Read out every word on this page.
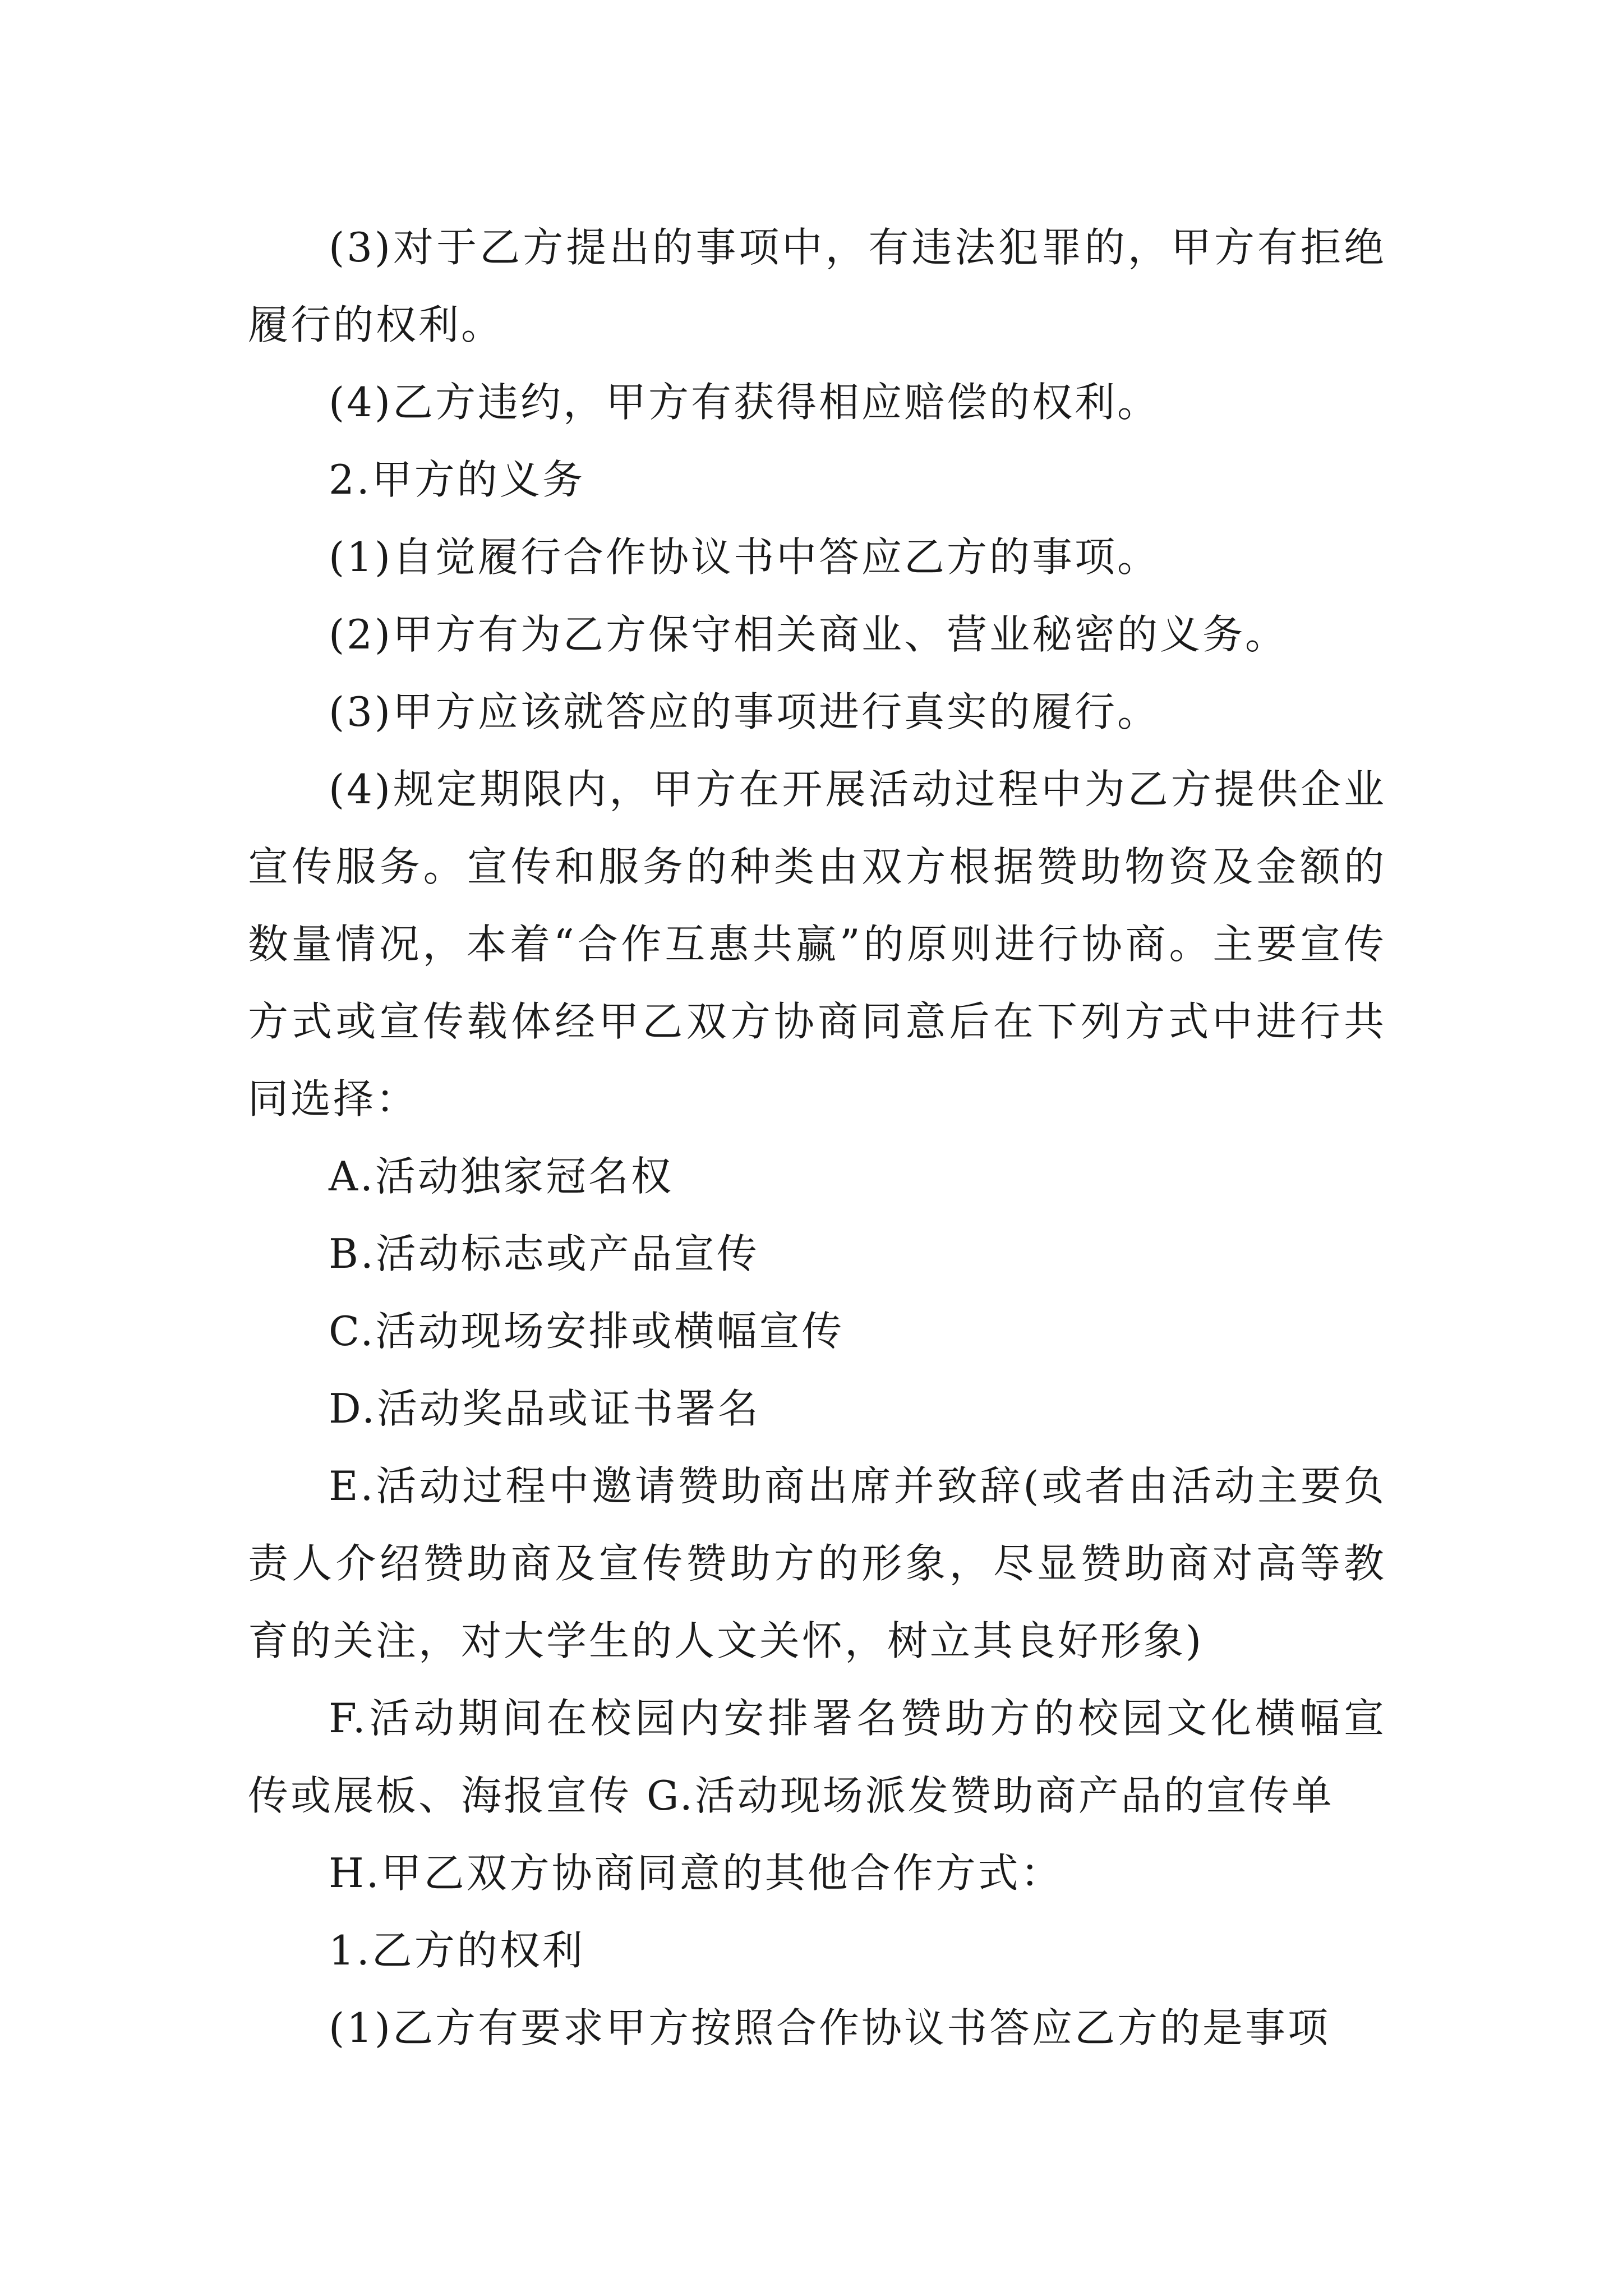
(3)对于乙方提出的事项中，有违法犯罪的，甲方有拒绝履行的权利。

(4)乙方违约，甲方有获得相应赔偿的权利。

2.甲方的义务

(1)自觉履行合作协议书中答应乙方的事项。

(2)甲方有为乙方保守相关商业、营业秘密的义务。

(3)甲方应该就答应的事项进行真实的履行。

(4)规定期限内，甲方在开展活动过程中为乙方提供企业宣传服务。宣传和服务的种类由双方根据赞助物资及金额的数量情况，本着“合作互惠共赢”的原则进行协商。主要宣传方式或宣传载体经甲乙双方协商同意后在下列方式中进行共同选择：

A.活动独家冠名权

B.活动标志或产品宣传

C.活动现场安排或横幅宣传

D.活动奖品或证书署名

E.活动过程中邀请赞助商出席并致辞(或者由活动主要负责人介绍赞助商及宣传赞助方的形象，尽显赞助商对高等教育的关注，对大学生的人文关怀，树立其良好形象)

F.活动期间在校园内安排署名赞助方的校园文化横幅宣传或展板、海报宣传 G.活动现场派发赞助商产品的宣传单

H.甲乙双方协商同意的其他合作方式：

1.乙方的权利

(1)乙方有要求甲方按照合作协议书答应乙方的是事项
